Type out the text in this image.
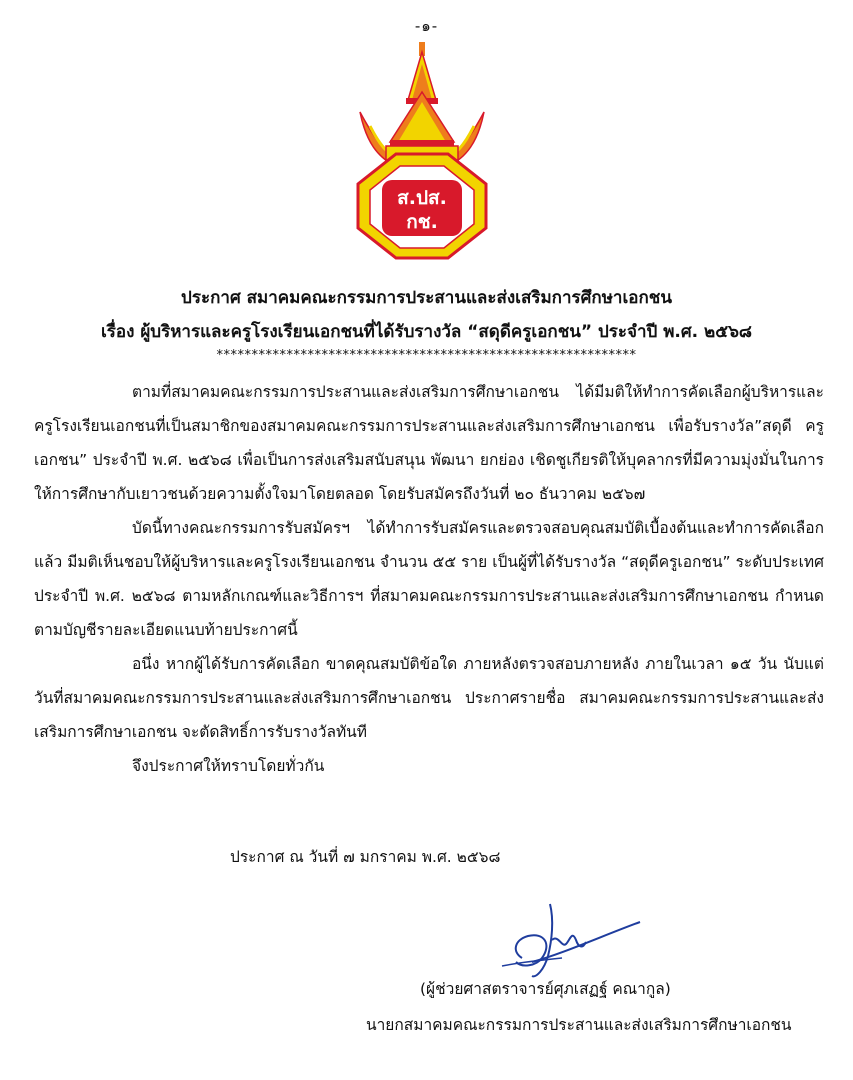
-๑-
ส.ปส.
กช.
ประกาศ สมาคมคณะกรรมการประสานและส่งเสริมการศึกษาเอกชน
เรื่อง ผู้บริหารและครูโรงเรียนเอกชนที่ได้รับรางวัล “สดุดีครูเอกชน” ประจำปี พ.ศ. ๒๕๖๘
************************************************************

ตามที่สมาคมคณะกรรมการประสานและส่งเสริมการศึกษาเอกชน ได้มีมติให้ทำการคัดเลือกผู้บริหารและครูโรงเรียนเอกชนที่เป็นสมาชิกของสมาคมคณะกรรมการประสานและส่งเสริมการศึกษาเอกชน เพื่อรับรางวัล”สดุดี ครูเอกชน” ประจำปี พ.ศ. ๒๕๖๘ เพื่อเป็นการส่งเสริมสนับสนุน พัฒนา ยกย่อง เชิดชูเกียรติให้บุคลากรที่มีความมุ่งมั่นในการให้การศึกษากับเยาวชนด้วยความตั้งใจมาโดยตลอด โดยรับสมัครถึงวันที่ ๒๐ ธันวาคม ๒๕๖๗

บัดนี้ทางคณะกรรมการรับสมัครฯ ได้ทำการรับสมัครและตรวจสอบคุณสมบัติเบื้องต้นและทำการคัดเลือกแล้ว มีมติเห็นชอบให้ผู้บริหารและครูโรงเรียนเอกชน จำนวน ๕๕ ราย เป็นผู้ที่ได้รับรางวัล “สดุดีครูเอกชน” ระดับประเทศ ประจำปี พ.ศ. ๒๕๖๘ ตามหลักเกณฑ์และวิธีการฯ ที่สมาคมคณะกรรมการประสานและส่งเสริมการศึกษาเอกชน กำหนดตามบัญชีรายละเอียดแนบท้ายประกาศนี้

อนึ่ง หากผู้ได้รับการคัดเลือก ขาดคุณสมบัติข้อใด ภายหลังตรวจสอบภายหลัง ภายในเวลา ๑๕ วัน นับแต่วันที่สมาคมคณะกรรมการประสานและส่งเสริมการศึกษาเอกชน ประกาศรายชื่อ สมาคมคณะกรรมการประสานและส่งเสริมการศึกษาเอกชน จะตัดสิทธิ์การรับรางวัลทันที

จึงประกาศให้ทราบโดยทั่วกัน

ประกาศ ณ วันที่ ๗ มกราคม พ.ศ. ๒๕๖๘

(ผู้ช่วยศาสตราจารย์ศุภเสฏฐ์ คณากูล)

นายกสมาคมคณะกรรมการประสานและส่งเสริมการศึกษาเอกชน
